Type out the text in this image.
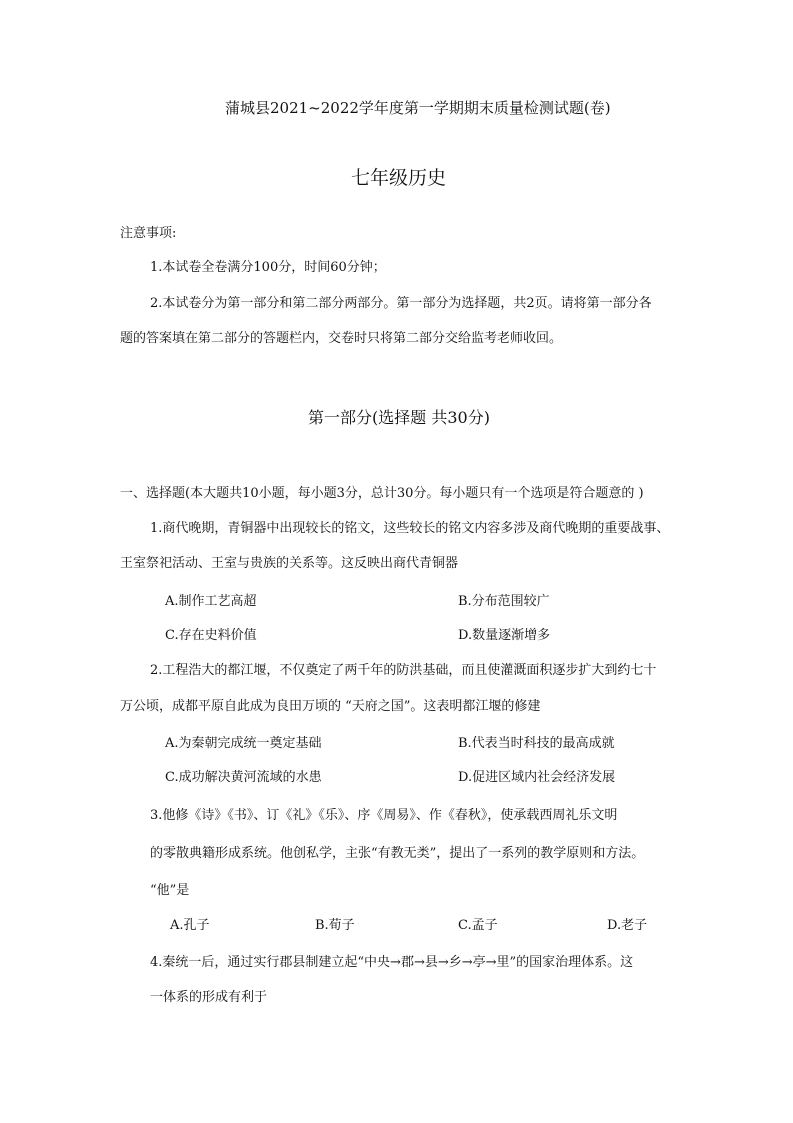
蒲城县2021~2022学年度第一学期期末质量检测试题(卷)
七年级历史
注意事项:
1.本试卷全卷满分100分，时间60分钟；
2.本试卷分为第一部分和第二部分两部分。第一部分为选择题，共2页。请将第一部分各
题的答案填在第二部分的答题栏内，交卷时只将第二部分交给监考老师收回。
第一部分(选择题 共30分)
一、选择题(本大题共10小题，每小题3分，总计30分。每小题只有一个选项是符合题意的 )
1.商代晚期，青铜器中出现较长的铭文，这些较长的铭文内容多涉及商代晚期的重要战事、
王室祭祀活动、王室与贵族的关系等。这反映出商代青铜器
A.制作工艺高超	B.分布范围较广
C.存在史料价值	D.数量逐渐增多
2.工程浩大的都江堰，不仅奠定了两千年的防洪基础，而且使灌溉面积逐步扩大到约七十
万公顷，成都平原自此成为良田万顷的 “天府之国”。这表明都江堰的修建
A.为秦朝完成统一奠定基础	B.代表当时科技的最高成就
C.成功解决黄河流域的水患	D.促进区域内社会经济发展
3.他修《诗》《书》、订《礼》《乐》、序《周易》、作《春秋》，使承载西周礼乐文明
的零散典籍形成系统。他创私学，主张“有教无类”，提出了一系列的教学原则和方法。
“他”是
A.孔子	B.荀子	C.孟子	D.老子
4.秦统一后，通过实行郡县制建立起“中央→郡→县→乡→亭→里”的国家治理体系。这
一体系的形成有利于
